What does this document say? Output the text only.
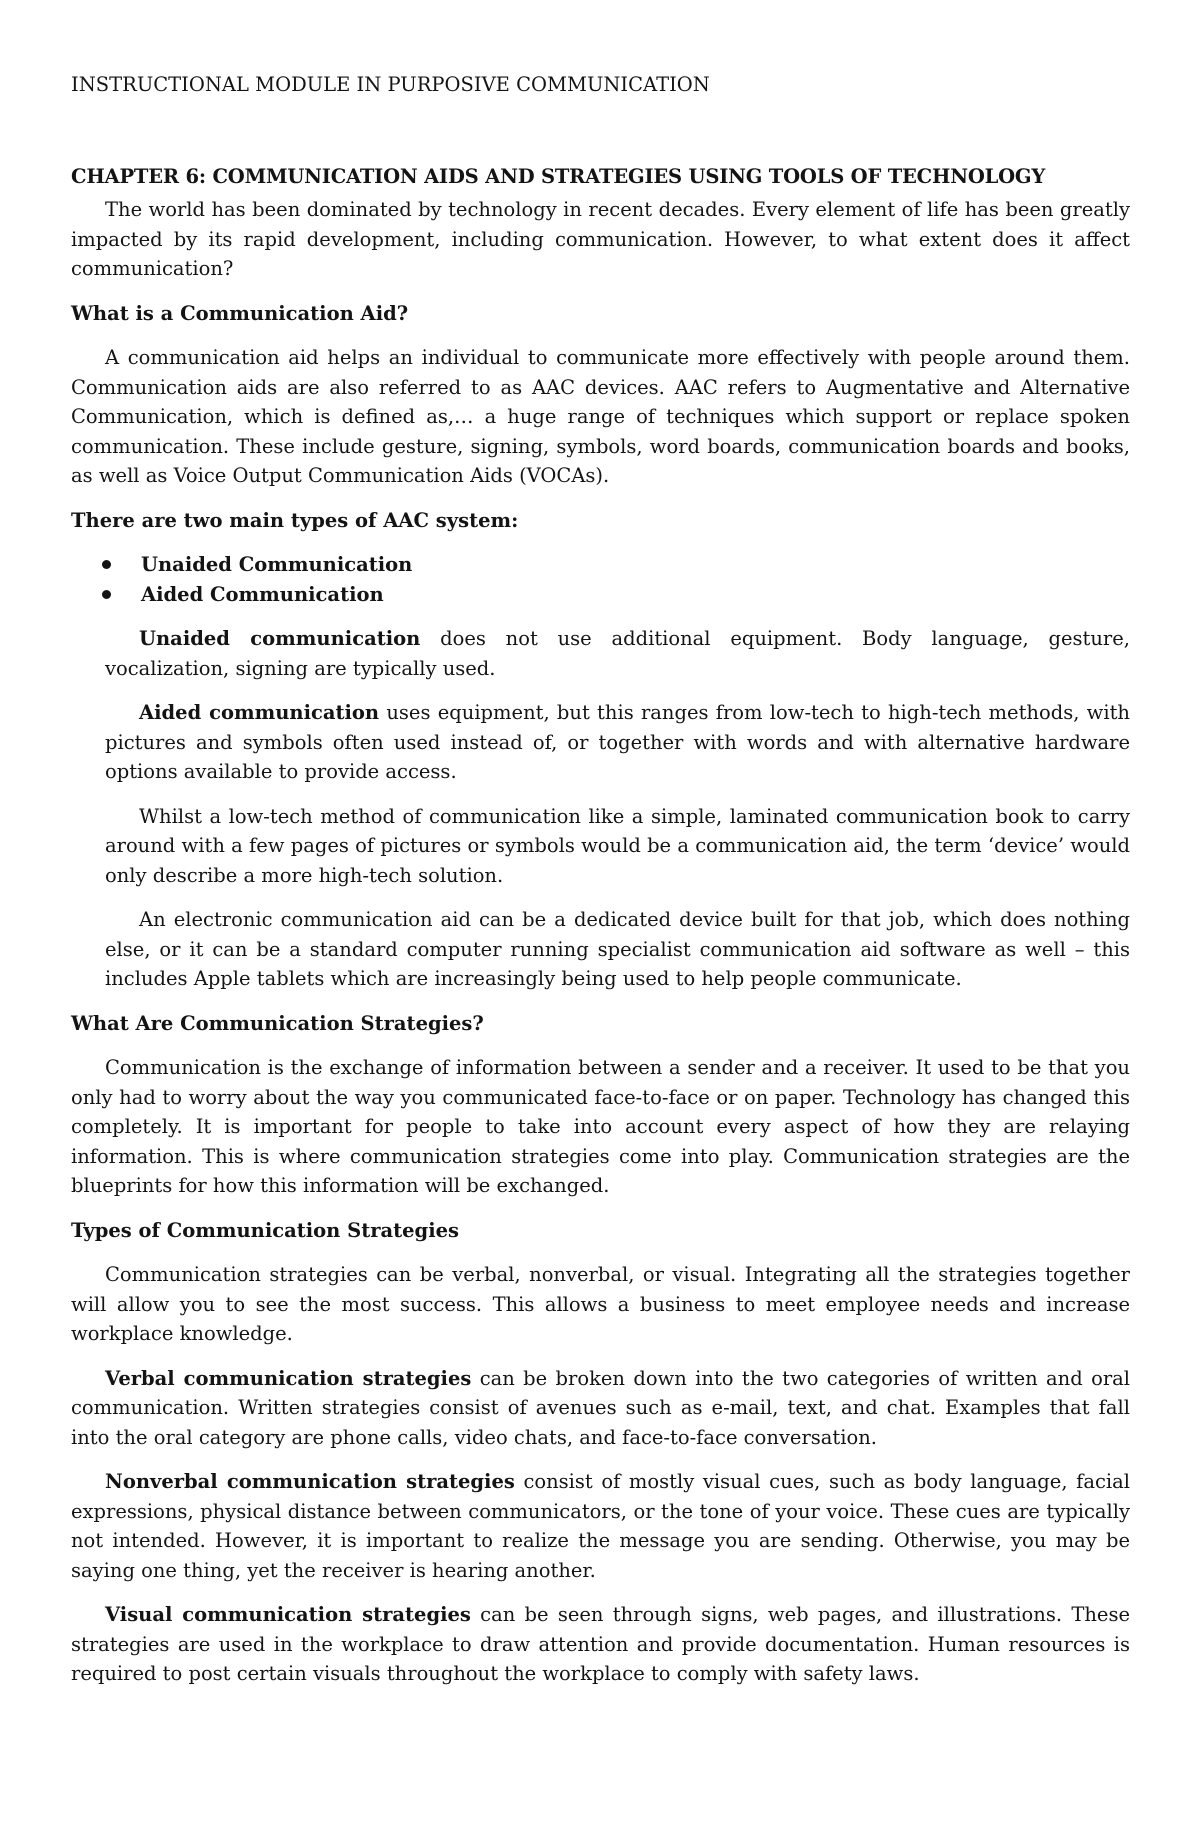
INSTRUCTIONAL MODULE IN PURPOSIVE COMMUNICATION

CHAPTER 6: COMMUNICATION AIDS AND STRATEGIES USING TOOLS OF TECHNOLOGY

The world has been dominated by technology in recent decades. Every element of life has been greatly impacted by its rapid development, including communication. However, to what extent does it affect communication?

What is a Communication Aid?

A communication aid helps an individual to communicate more effectively with people around them. Communication aids are also referred to as AAC devices. AAC refers to Augmentative and Alternative Communication, which is defined as,… a huge range of techniques which support or replace spoken communication. These include gesture, signing, symbols, word boards, communication boards and books, as well as Voice Output Communication Aids (VOCAs).

There are two main types of AAC system:

Unaided Communication
Aided Communication

Unaided communication does not use additional equipment. Body language, gesture, vocalization, signing are typically used.

Aided communication uses equipment, but this ranges from low-tech to high-tech methods, with pictures and symbols often used instead of, or together with words and with alternative hardware options available to provide access.

Whilst a low-tech method of communication like a simple, laminated communication book to carry around with a few pages of pictures or symbols would be a communication aid, the term ‘device’ would only describe a more high-tech solution.

An electronic communication aid can be a dedicated device built for that job, which does nothing else, or it can be a standard computer running specialist communication aid software as well – this includes Apple tablets which are increasingly being used to help people communicate.

What Are Communication Strategies?

Communication is the exchange of information between a sender and a receiver. It used to be that you only had to worry about the way you communicated face-to-face or on paper. Technology has changed this completely. It is important for people to take into account every aspect of how they are relaying information. This is where communication strategies come into play. Communication strategies are the blueprints for how this information will be exchanged.

Types of Communication Strategies

Communication strategies can be verbal, nonverbal, or visual. Integrating all the strategies together will allow you to see the most success. This allows a business to meet employee needs and increase workplace knowledge.

Verbal communication strategies can be broken down into the two categories of written and oral communication. Written strategies consist of avenues such as e-mail, text, and chat. Examples that fall into the oral category are phone calls, video chats, and face-to-face conversation.

Nonverbal communication strategies consist of mostly visual cues, such as body language, facial expressions, physical distance between communicators, or the tone of your voice. These cues are typically not intended. However, it is important to realize the message you are sending. Otherwise, you may be saying one thing, yet the receiver is hearing another.

Visual communication strategies can be seen through signs, web pages, and illustrations. These strategies are used in the workplace to draw attention and provide documentation. Human resources is required to post certain visuals throughout the workplace to comply with safety laws.
